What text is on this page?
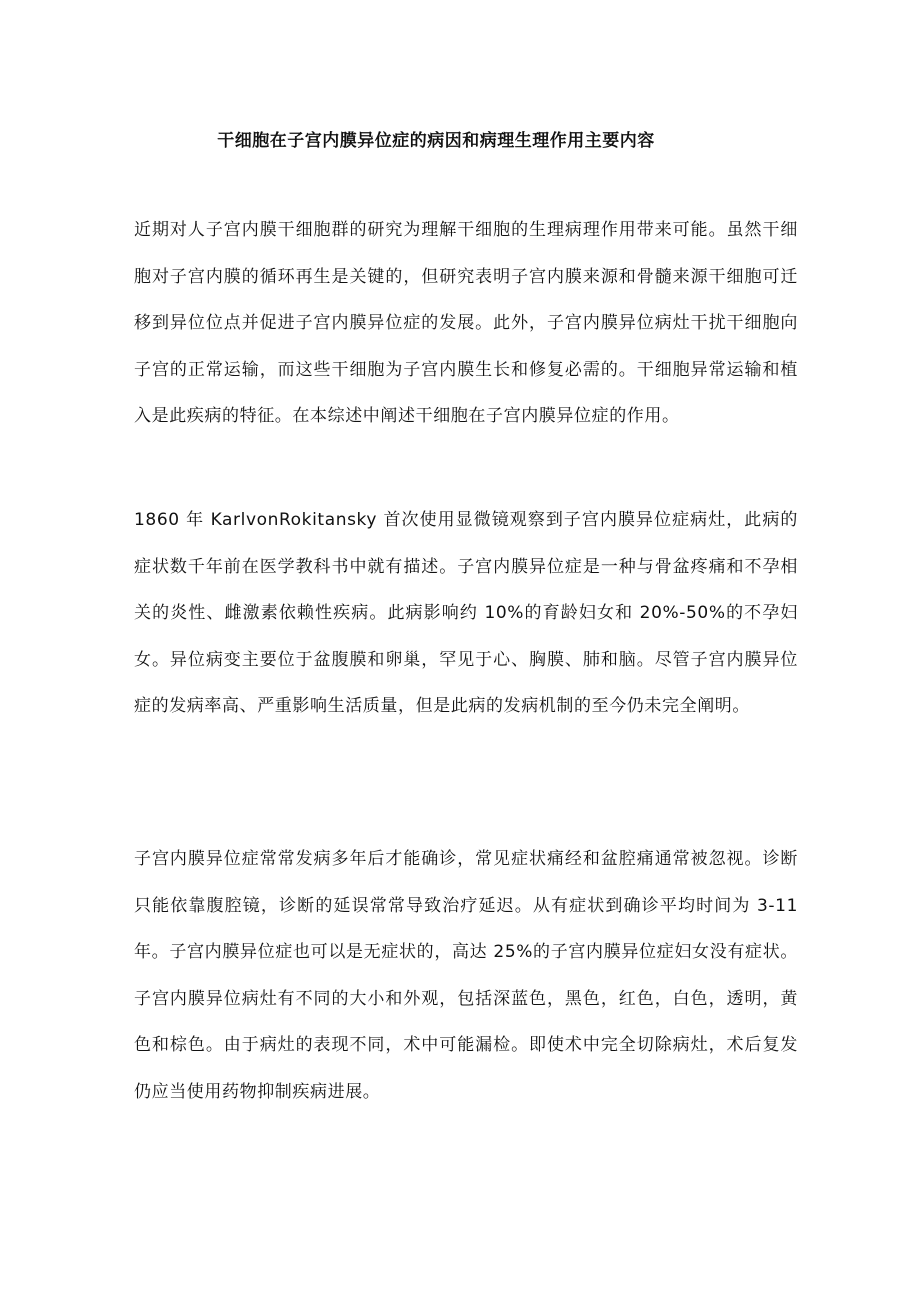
干细胞在子宫内膜异位症的病因和病理生理作用主要内容

近期对人子宫内膜干细胞群的研究为理解干细胞的生理病理作用带来可能。虽然干细胞对子宫内膜的循环再生是关键的，但研究表明子宫内膜来源和骨髓来源干细胞可迁移到异位位点并促进子宫内膜异位症的发展。此外，子宫内膜异位病灶干扰干细胞向子宫的正常运输，而这些干细胞为子宫内膜生长和修复必需的。干细胞异常运输和植入是此疾病的特征。在本综述中阐述干细胞在子宫内膜异位症的作用。

1860 年 KarlvonRokitansky 首次使用显微镜观察到子宫内膜异位症病灶，此病的症状数千年前在医学教科书中就有描述。子宫内膜异位症是一种与骨盆疼痛和不孕相关的炎性、雌激素依赖性疾病。此病影响约 10%的育龄妇女和 20%-50%的不孕妇女。异位病变主要位于盆腹膜和卵巢，罕见于心、胸膜、肺和脑。尽管子宫内膜异位症的发病率高、严重影响生活质量，但是此病的发病机制的至今仍未完全阐明。

子宫内膜异位症常常发病多年后才能确诊，常见症状痛经和盆腔痛通常被忽视。诊断只能依靠腹腔镜，诊断的延误常常导致治疗延迟。从有症状到确诊平均时间为 3-11 年。子宫内膜异位症也可以是无症状的，高达 25%的子宫内膜异位症妇女没有症状。子宫内膜异位病灶有不同的大小和外观，包括深蓝色，黑色，红色，白色，透明，黄色和棕色。由于病灶的表现不同，术中可能漏检。即使术中完全切除病灶，术后复发仍应当使用药物抑制疾病进展。
